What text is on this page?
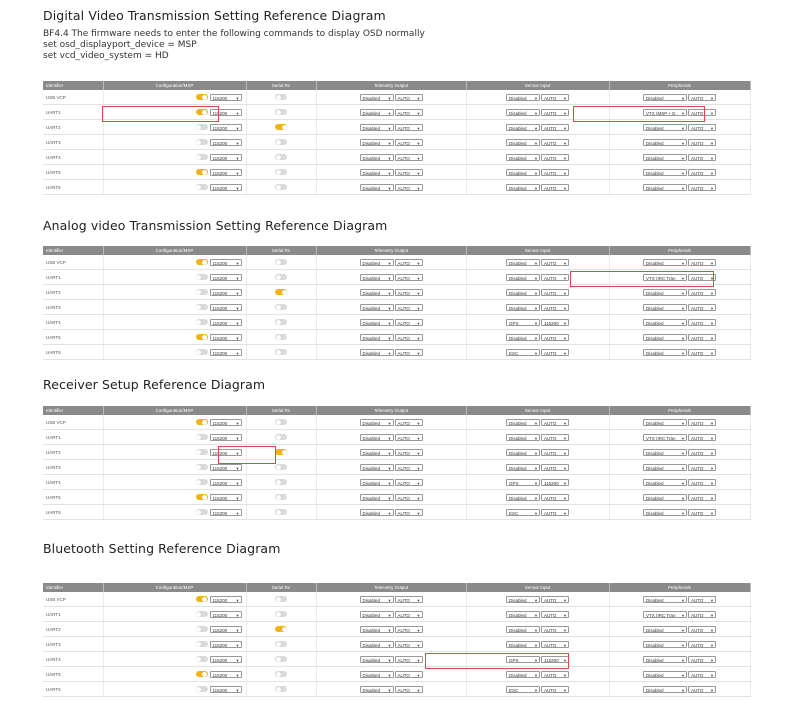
Digital Video Transmission Setting Reference Diagram
BF4.4 The firmware needs to enter the following commands to display OSD normally
set osd_displayport_device = MSP
set vcd_video_system = HD
Identifier	Configuration/MSP	Serial Rx	Telemetry Output	Sensor Input	Peripherals
USB VCP	115200 ▼		Disabled ▼ AUTO ▼	Disabled ▼ AUTO ▼	Disabled ▼ AUTO ▼

UART1	115200 ▼		Disabled ▼ AUTO ▼	Disabled ▼ AUTO ▼	VTX (MSP + D ▼ AUTO ▼

UART2	115200 ▼		Disabled ▼ AUTO ▼	Disabled ▼ AUTO ▼	Disabled ▼ AUTO ▼

UART3	115200 ▼		Disabled ▼ AUTO ▼	Disabled ▼ AUTO ▼	Disabled ▼ AUTO ▼

UART4	115200 ▼		Disabled ▼ AUTO ▼	Disabled ▼ AUTO ▼	Disabled ▼ AUTO ▼

UART5	115200 ▼		Disabled ▼ AUTO ▼	Disabled ▼ AUTO ▼	Disabled ▼ AUTO ▼

UART6	115200 ▼		Disabled ▼ AUTO ▼	Disabled ▼ AUTO ▼	Disabled ▼ AUTO ▼
Analog video Transmission Setting Reference Diagram
Identifier	Configuration/MSP	Serial Rx	Telemetry Output	Sensor Input	Peripherals
USB VCP	115200 ▼		Disabled ▼ AUTO ▼	Disabled ▼ AUTO ▼	Disabled ▼ AUTO ▼

UART1	115200 ▼		Disabled ▼ AUTO ▼	Disabled ▼ AUTO ▼	VTX (IRC Tran ▼ AUTO ▼

UART2	115200 ▼		Disabled ▼ AUTO ▼	Disabled ▼ AUTO ▼	Disabled ▼ AUTO ▼

UART3	115200 ▼		Disabled ▼ AUTO ▼	Disabled ▼ AUTO ▼	Disabled ▼ AUTO ▼

UART4	115200 ▼		Disabled ▼ AUTO ▼	GPS ▼ 115200 ▼	Disabled ▼ AUTO ▼

UART5	115200 ▼		Disabled ▼ AUTO ▼	Disabled ▼ AUTO ▼	Disabled ▼ AUTO ▼

UART6	115200 ▼		Disabled ▼ AUTO ▼	ESC ▼ AUTO ▼	Disabled ▼ AUTO ▼
Receiver Setup Reference Diagram
Identifier	Configuration/MSP	Serial Rx	Telemetry Output	Sensor Input	Peripherals
USB VCP	115200 ▼		Disabled ▼ AUTO ▼	Disabled ▼ AUTO ▼	Disabled ▼ AUTO ▼

UART1	115200 ▼		Disabled ▼ AUTO ▼	Disabled ▼ AUTO ▼	VTX (IRC Tran ▼ AUTO ▼

UART2	115200 ▼		Disabled ▼ AUTO ▼	Disabled ▼ AUTO ▼	Disabled ▼ AUTO ▼

UART3	115200 ▼		Disabled ▼ AUTO ▼	Disabled ▼ AUTO ▼	Disabled ▼ AUTO ▼

UART4	115200 ▼		Disabled ▼ AUTO ▼	GPS ▼ 115200 ▼	Disabled ▼ AUTO ▼

UART5	115200 ▼		Disabled ▼ AUTO ▼	Disabled ▼ AUTO ▼	Disabled ▼ AUTO ▼

UART6	115200 ▼		Disabled ▼ AUTO ▼	ESC ▼ AUTO ▼	Disabled ▼ AUTO ▼
Bluetooth Setting Reference Diagram
Identifier	Configuration/MSP	Serial Rx	Telemetry Output	Sensor Input	Peripherals
USB VCP	115200 ▼		Disabled ▼ AUTO ▼	Disabled ▼ AUTO ▼	Disabled ▼ AUTO ▼

UART1	115200 ▼		Disabled ▼ AUTO ▼	Disabled ▼ AUTO ▼	VTX (IRC Tran ▼ AUTO ▼

UART2	115200 ▼		Disabled ▼ AUTO ▼	Disabled ▼ AUTO ▼	Disabled ▼ AUTO ▼

UART3	115200 ▼		Disabled ▼ AUTO ▼	Disabled ▼ AUTO ▼	Disabled ▼ AUTO ▼

UART4	115200 ▼		Disabled ▼ AUTO ▼	GPS ▼ 115200 ▼	Disabled ▼ AUTO ▼

UART5	115200 ▼		Disabled ▼ AUTO ▼	Disabled ▼ AUTO ▼	Disabled ▼ AUTO ▼

UART6	115200 ▼		Disabled ▼ AUTO ▼	ESC ▼ AUTO ▼	Disabled ▼ AUTO ▼
